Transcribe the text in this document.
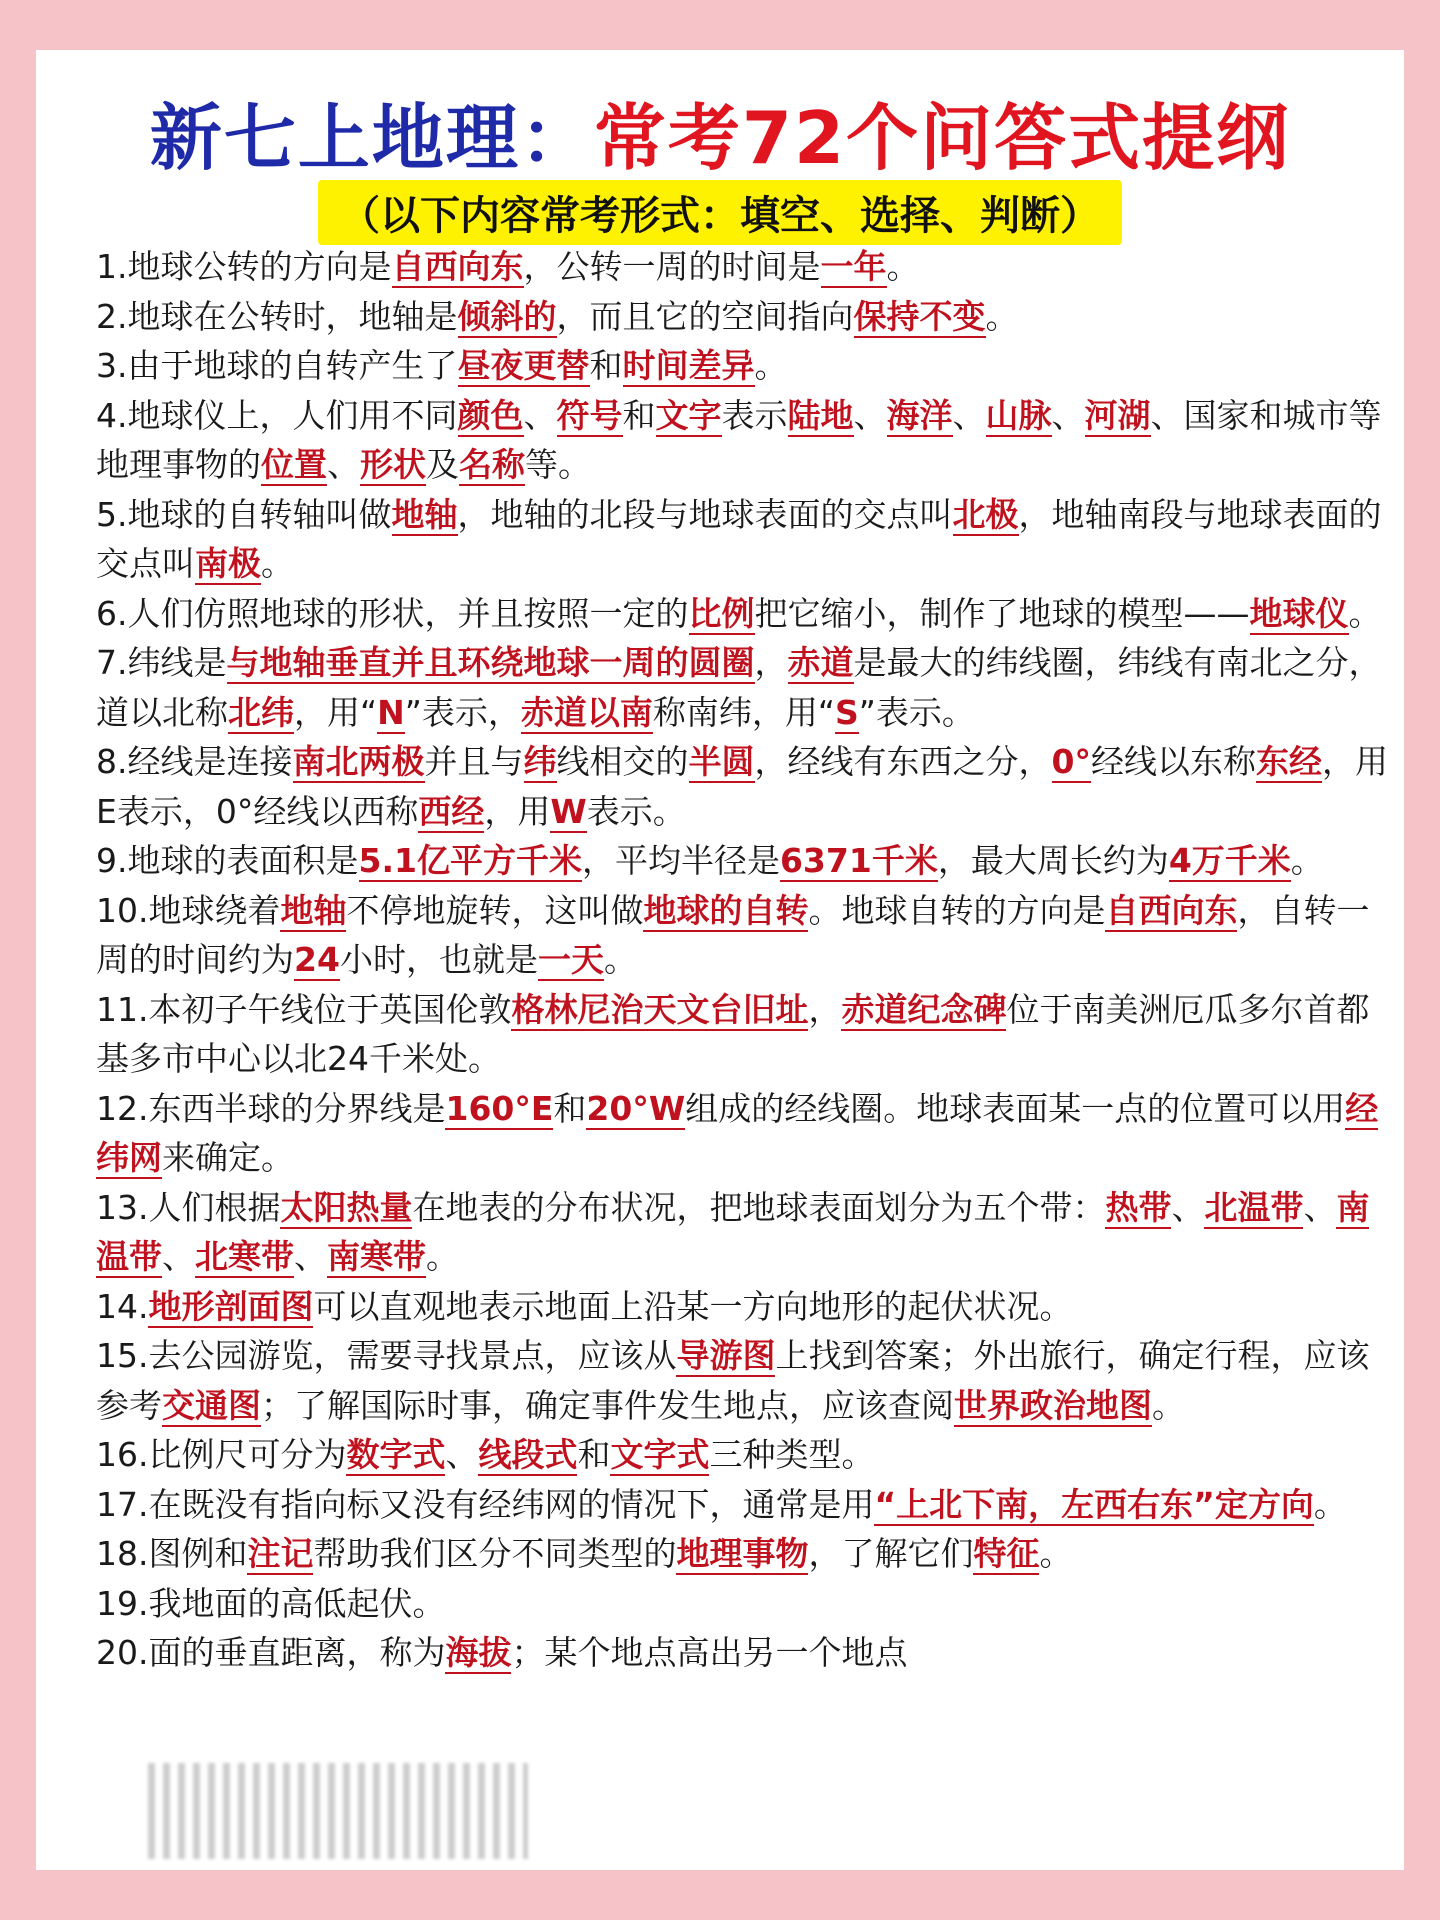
新七上地理：常考72个问答式提纲
（以下内容常考形式：填空、选择、判断）

1.地球公转的方向是自西向东，公转一周的时间是一年。

2.地球在公转时，地轴是倾斜的，而且它的空间指向保持不变。

3.由于地球的自转产生了昼夜更替和时间差异。

4.地球仪上，人们用不同颜色、符号和文字表示陆地、海洋、山脉、河湖、国家和城市等地理事物的位置、形状及名称等。

5.地球的自转轴叫做地轴，地轴的北段与地球表面的交点叫北极，地轴南段与地球表面的交点叫南极。

6.人们仿照地球的形状，并且按照一定的比例把它缩小，制作了地球的模型——地球仪。

7.纬线是与地轴垂直并且环绕地球一周的圆圈，赤道是最大的纬线圈，纬线有南北之分，道以北称北纬，用“N”表示，赤道以南称南纬，用“S”表示。

8.经线是连接南北两极并且与纬线相交的半圆，经线有东西之分，0°经线以东称东经，用E表示，0°经线以西称西经，用W表示。

9.地球的表面积是5.1亿平方千米，平均半径是6371千米，最大周长约为4万千米。

10.地球绕着地轴不停地旋转，这叫做地球的自转。地球自转的方向是自西向东，自转一周的时间约为24小时，也就是一天。

11.本初子午线位于英国伦敦格林尼治天文台旧址，赤道纪念碑位于南美洲厄瓜多尔首都基多市中心以北24千米处。

12.东西半球的分界线是160°E和20°W组成的经线圈。地球表面某一点的位置可以用经纬网来确定。

13.人们根据太阳热量在地表的分布状况，把地球表面划分为五个带：热带、北温带、南温带、北寒带、南寒带。

14.地形剖面图可以直观地表示地面上沿某一方向地形的起伏状况。

15.去公园游览，需要寻找景点，应该从导游图上找到答案；外出旅行，确定行程，应该参考交通图；了解国际时事，确定事件发生地点，应该查阅世界政治地图。

16.比例尺可分为数字式、线段式和文字式三种类型。

17.在既没有指向标又没有经纬网的情况下，通常是用“上北下南，左西右东”定方向。

18.图例和注记帮助我们区分不同类型的地理事物，了解它们特征。

19.我地面的高低起伏。

20.面的垂直距离，称为海拔；某个地点高出另一个地点
